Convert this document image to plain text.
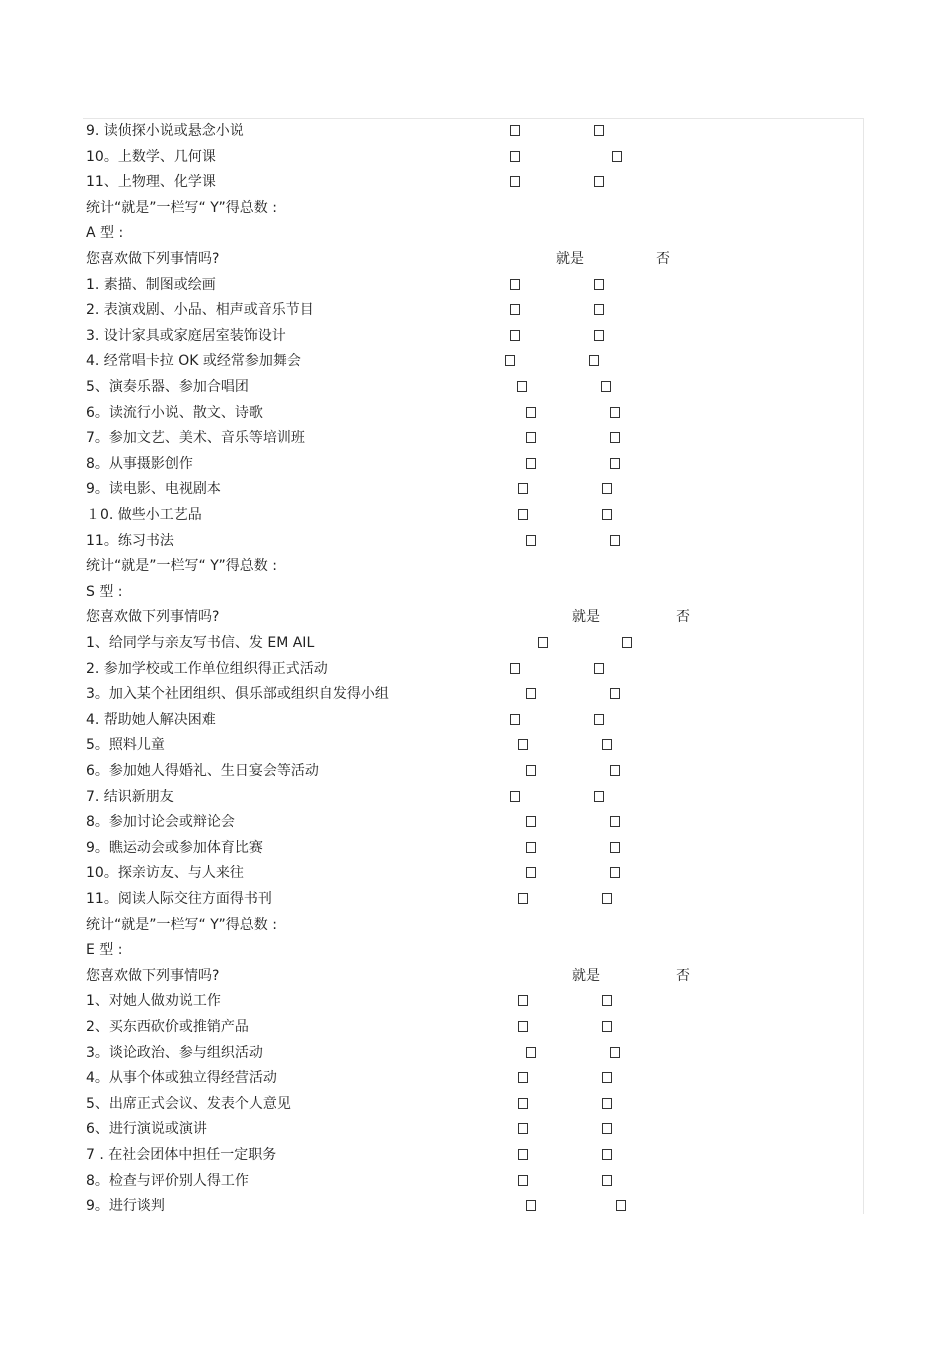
9. 读侦探小说或悬念小说
10。上数学、几何课
11、上物理、化学课
统计“就是”一栏写“ Y”得总数 :
A 型 :
您喜欢做下列事情吗?	就是	否
1. 素描、制图或绘画
2. 表演戏剧、小品、相声或音乐节目
3. 设计家具或家庭居室装饰设计
4. 经常唱卡拉 OK 或经常参加舞会
5、演奏乐器、参加合唱团
6。读流行小说、散文、诗歌
7。参加文艺、美术、音乐等培训班
8。从事摄影创作
9。读电影、电视剧本
１0. 做些小工艺品
11。练习书法
统计“就是”一栏写“ Y”得总数 :
S 型 :
您喜欢做下列事情吗?	就是	否
1、给同学与亲友写书信、发 EM AIL
2. 参加学校或工作单位组织得正式活动
3。加入某个社团组织、俱乐部或组织自发得小组
4. 帮助她人解决困难
5。照料儿童
6。参加她人得婚礼、生日宴会等活动
7. 结识新朋友
8。参加讨论会或辩论会
9。瞧运动会或参加体育比赛
10。探亲访友、与人来往
11。阅读人际交往方面得书刊
统计“就是”一栏写“ Y”得总数 :
E 型 :
您喜欢做下列事情吗?	就是	否
1、对她人做劝说工作
2、买东西砍价或推销产品
3。谈论政治、参与组织活动
4。从事个体或独立得经营活动
5、出席正式会议、发表个人意见
6、进行演说或演讲
7 . 在社会团体中担任一定职务
8。检查与评价别人得工作
9。进行谈判
